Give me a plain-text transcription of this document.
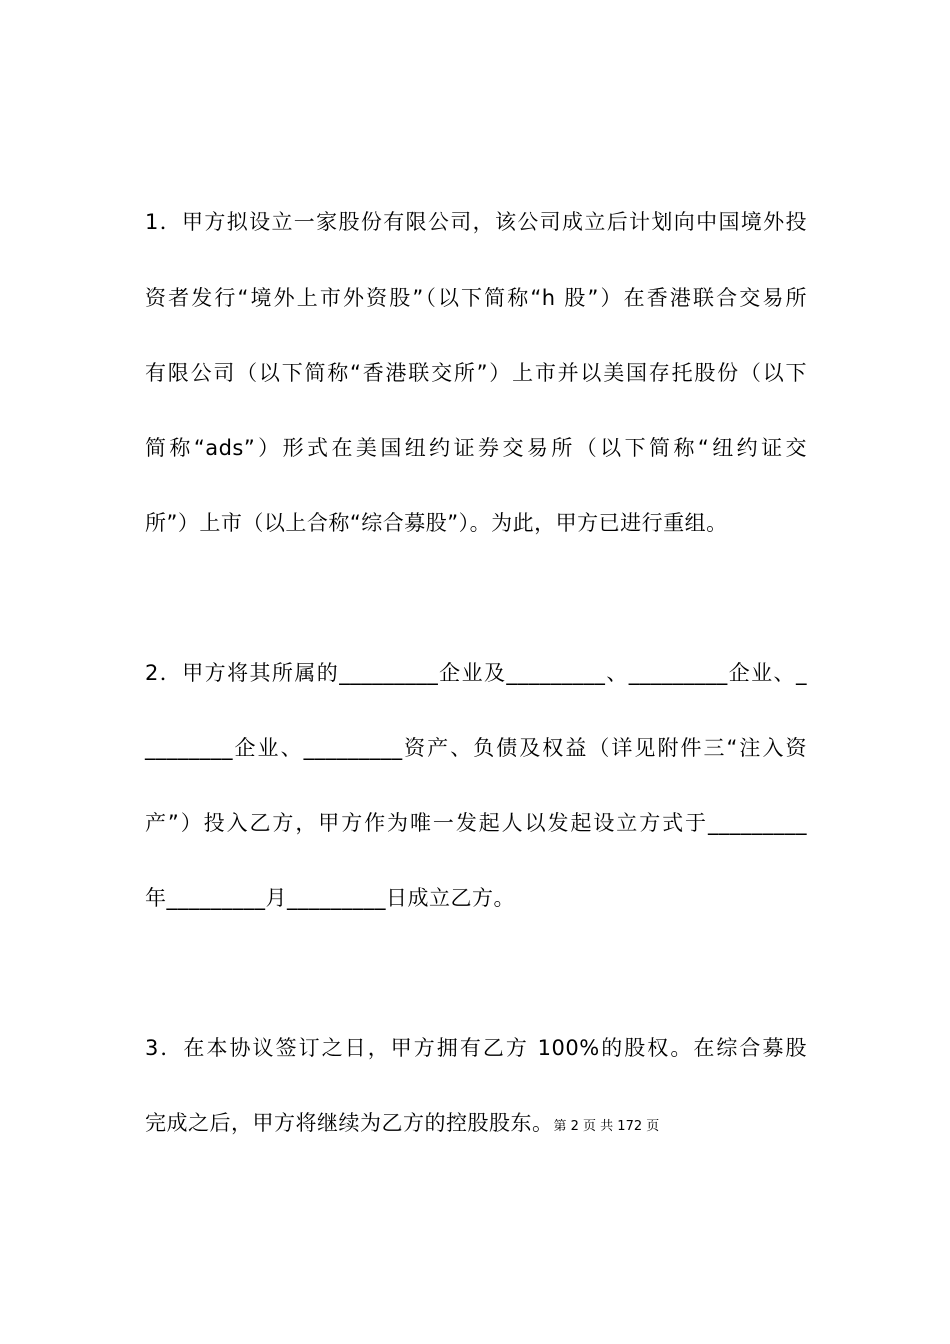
1．甲方拟设立一家股份有限公司，该公司成立后计划向中国境外投
资者发行“境外上市外资股”（以下简称“h 股”）在香港联合交易所
有限公司（以下简称“香港联交所”）上市并以美国存托股份（以下
简称“ads”）形式在美国纽约证券交易所（以下简称“纽约证交
所”）上市（以上合称“综合募股”）。为此，甲方已进行重组。
2．甲方将其所属的_________企业及_________、_________企业、_
________企业、_________资产、负债及权益（详见附件三“注入资
产”）投入乙方，甲方作为唯一发起人以发起设立方式于_________
年_________月_________日成立乙方。
3．在本协议签订之日，甲方拥有乙方 100%的股权。在综合募股
完成之后，甲方将继续为乙方的控股股东。第 2 页 共 172 页
